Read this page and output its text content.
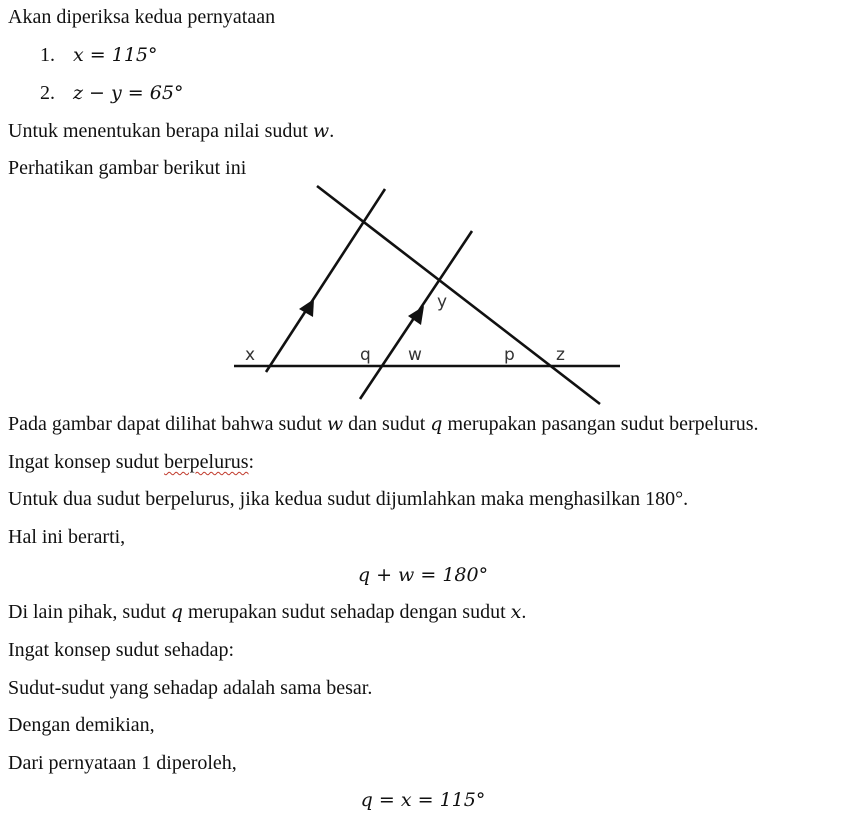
Akan diperiksa kedua pernyataan
1. x = 115°
2. z − y = 65°
Untuk menentukan berapa nilai sudut w.
Perhatikan gambar berikut ini
x	q w	p z
y
Pada gambar dapat dilihat bahwa sudut w dan sudut q merupakan pasangan sudut berpelurus.
Ingat konsep sudut berpelurus:
Untuk dua sudut berpelurus, jika kedua sudut dijumlahkan maka menghasilkan 180°.
Hal ini berarti,
q + w = 180°
Di lain pihak, sudut q merupakan sudut sehadap dengan sudut x.
Ingat konsep sudut sehadap:
Sudut-sudut yang sehadap adalah sama besar.
Dengan demikian,
Dari pernyataan 1 diperoleh,
q = x = 115°
